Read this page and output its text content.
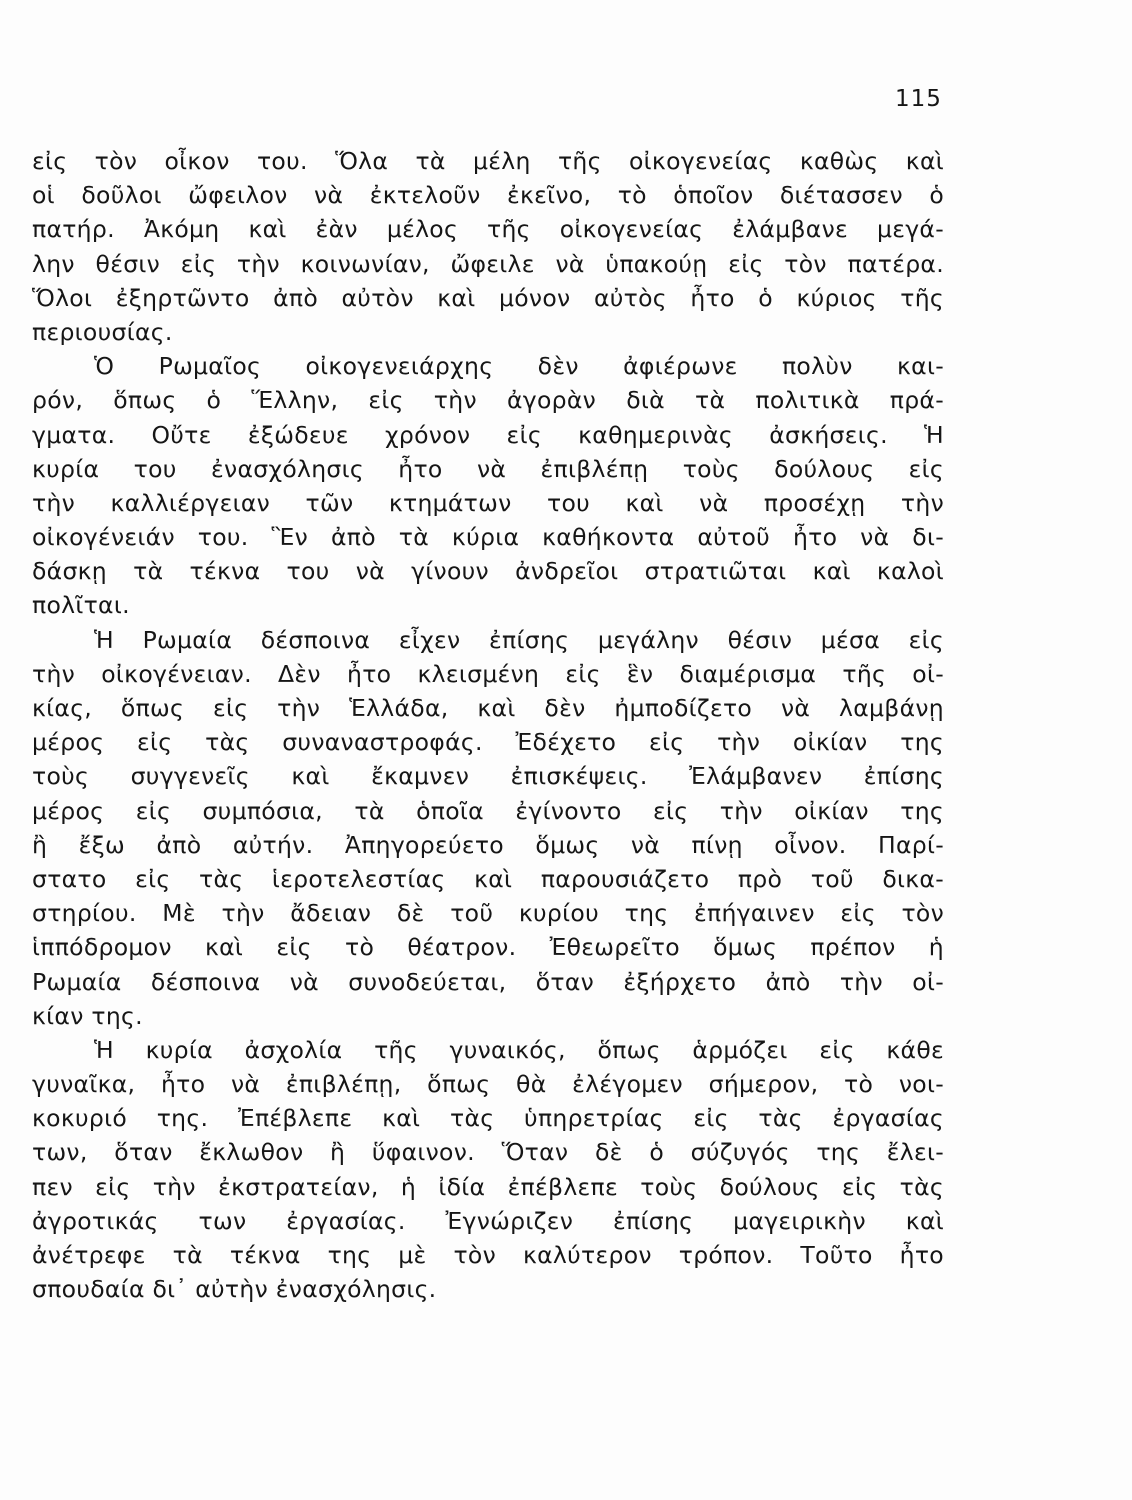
115
εἰς τὸν οἶκον του. Ὅλα τὰ μέλη τῆς οἰκογενείας καθὼς καὶ
οἱ δοῦλοι ὤφειλον νὰ ἐκτελοῦν ἐκεῖνο, τὸ ὁποῖον διέτασσεν ὁ
πατήρ. Ἀκόμη καὶ ἐὰν μέλος τῆς οἰκογενείας ἐλάμβανε μεγά-
λην θέσιν εἰς τὴν κοινωνίαν, ὤφειλε νὰ ὑπακούῃ εἰς τὸν πατέρα.
Ὅλοι ἐξηρτῶντο ἀπὸ αὐτὸν καὶ μόνον αὐτὸς ἦτο ὁ κύριος τῆς
περιουσίας.
Ὁ Ρωμαῖος οἰκογενειάρχης δὲν ἀφιέρωνε πολὺν και-
ρόν, ὅπως ὁ Ἕλλην, εἰς τὴν ἀγορὰν διὰ τὰ πολιτικὰ πρά-
γματα. Οὔτε ἐξώδευε χρόνον εἰς καθημερινὰς ἀσκήσεις. Ἡ
κυρία του ἐνασχόλησις ἦτο νὰ ἐπιβλέπῃ τοὺς δούλους εἰς
τὴν καλλιέργειαν τῶν κτημάτων του καὶ νὰ προσέχῃ τὴν
οἰκογένειάν του. Ἓν ἀπὸ τὰ κύρια καθήκοντα αὐτοῦ ἦτο νὰ δι-
δάσκῃ τὰ τέκνα του νὰ γίνουν ἀνδρεῖοι στρατιῶται καὶ καλοὶ
πολῖται.
Ἡ Ρωμαία δέσποινα εἶχεν ἐπίσης μεγάλην θέσιν μέσα εἰς
τὴν οἰκογένειαν. Δὲν ἦτο κλεισμένη εἰς ἓν διαμέρισμα τῆς οἰ-
κίας, ὅπως εἰς τὴν Ἑλλάδα, καὶ δὲν ἠμποδίζετο νὰ λαμβάνῃ
μέρος εἰς τὰς συναναστροφάς. Ἐδέχετο εἰς τὴν οἰκίαν της
τοὺς συγγενεῖς καὶ ἔκαμνεν ἐπισκέψεις. Ἐλάμβανεν ἐπίσης
μέρος εἰς συμπόσια, τὰ ὁποῖα ἐγίνοντο εἰς τὴν οἰκίαν της
ἢ ἔξω ἀπὸ αὐτήν. Ἀπηγορεύετο ὅμως νὰ πίνῃ οἶνον. Παρί-
στατο εἰς τὰς ἱεροτελεστίας καὶ παρουσιάζετο πρὸ τοῦ δικα-
στηρίου. Μὲ τὴν ἄδειαν δὲ τοῦ κυρίου της ἐπήγαινεν εἰς τὸν
ἱππόδρομον καὶ εἰς τὸ θέατρον. Ἐθεωρεῖτο ὅμως πρέπον ἡ
Ρωμαία δέσποινα νὰ συνοδεύεται, ὅταν ἐξήρχετο ἀπὸ τὴν οἰ-
κίαν της.
Ἡ κυρία ἀσχολία τῆς γυναικός, ὅπως ἁρμόζει εἰς κάθε
γυναῖκα, ἦτο νὰ ἐπιβλέπῃ, ὅπως θὰ ἐλέγομεν σήμερον, τὸ νοι-
κοκυριό της. Ἐπέβλεπε καὶ τὰς ὑπηρετρίας εἰς τὰς ἐργασίας
των, ὅταν ἔκλωθον ἢ ὕφαινον. Ὅταν δὲ ὁ σύζυγός της ἔλει-
πεν εἰς τὴν ἐκστρατείαν, ἡ ἰδία ἐπέβλεπε τοὺς δούλους εἰς τὰς
ἀγροτικάς των ἐργασίας. Ἐγνώριζεν ἐπίσης μαγειρικὴν καὶ
ἀνέτρεφε τὰ τέκνα της μὲ τὸν καλύτερον τρόπον. Τοῦτο ἦτο
σπουδαία δι᾽ αὐτὴν ἐνασχόλησις.
